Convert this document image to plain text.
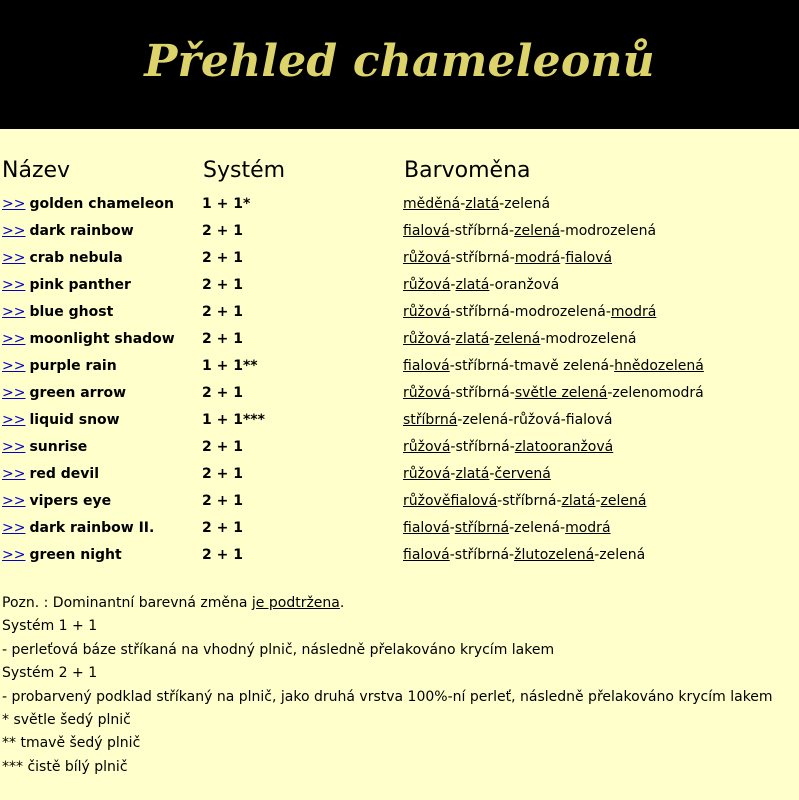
Přehled chameleonů
Název	Systém	Barvoměna
>> golden chameleon 1 + 1*	měděná-zlatá-zelená
>> dark rainbow	2 + 1	fialová-stříbrná-zelená-modrozelená
>> crab nebula	2 + 1	růžová-stříbrná-modrá-fialová
>> pink panther	2 + 1	růžová-zlatá-oranžová
>> blue ghost	2 + 1	růžová-stříbrná-modrozelená-modrá
>> moonlight shadow 2 + 1	růžová-zlatá-zelená-modrozelená
>> purple rain	1 + 1**	fialová-stříbrná-tmavě zelená-hnědozelená
>> green arrow	2 + 1	růžová-stříbrná-světle zelená-zelenomodrá
>> liquid snow	1 + 1***	stříbrná-zelená-růžová-fialová
>> sunrise	2 + 1	růžová-stříbrná-zlatooranžová
>> red devil	2 + 1	růžová-zlatá-červená
>> vipers eye	2 + 1	růžověfialová-stříbrná-zlatá-zelená
>> dark rainbow II.	2 + 1	fialová-stříbrná-zelená-modrá
>> green night	2 + 1	fialová-stříbrná-žlutozelená-zelená

Pozn. : Dominantní barevná změna je podtržena.

Systém 1 + 1

- perleťová báze stříkaná na vhodný plnič, následně přelakováno krycím lakem

Systém 2 + 1

- probarvený podklad stříkaný na plnič, jako druhá vrstva 100%-ní perleť, následně přelakováno krycím lakem

* světle šedý plnič

** tmavě šedý plnič

*** čistě bílý plnič
